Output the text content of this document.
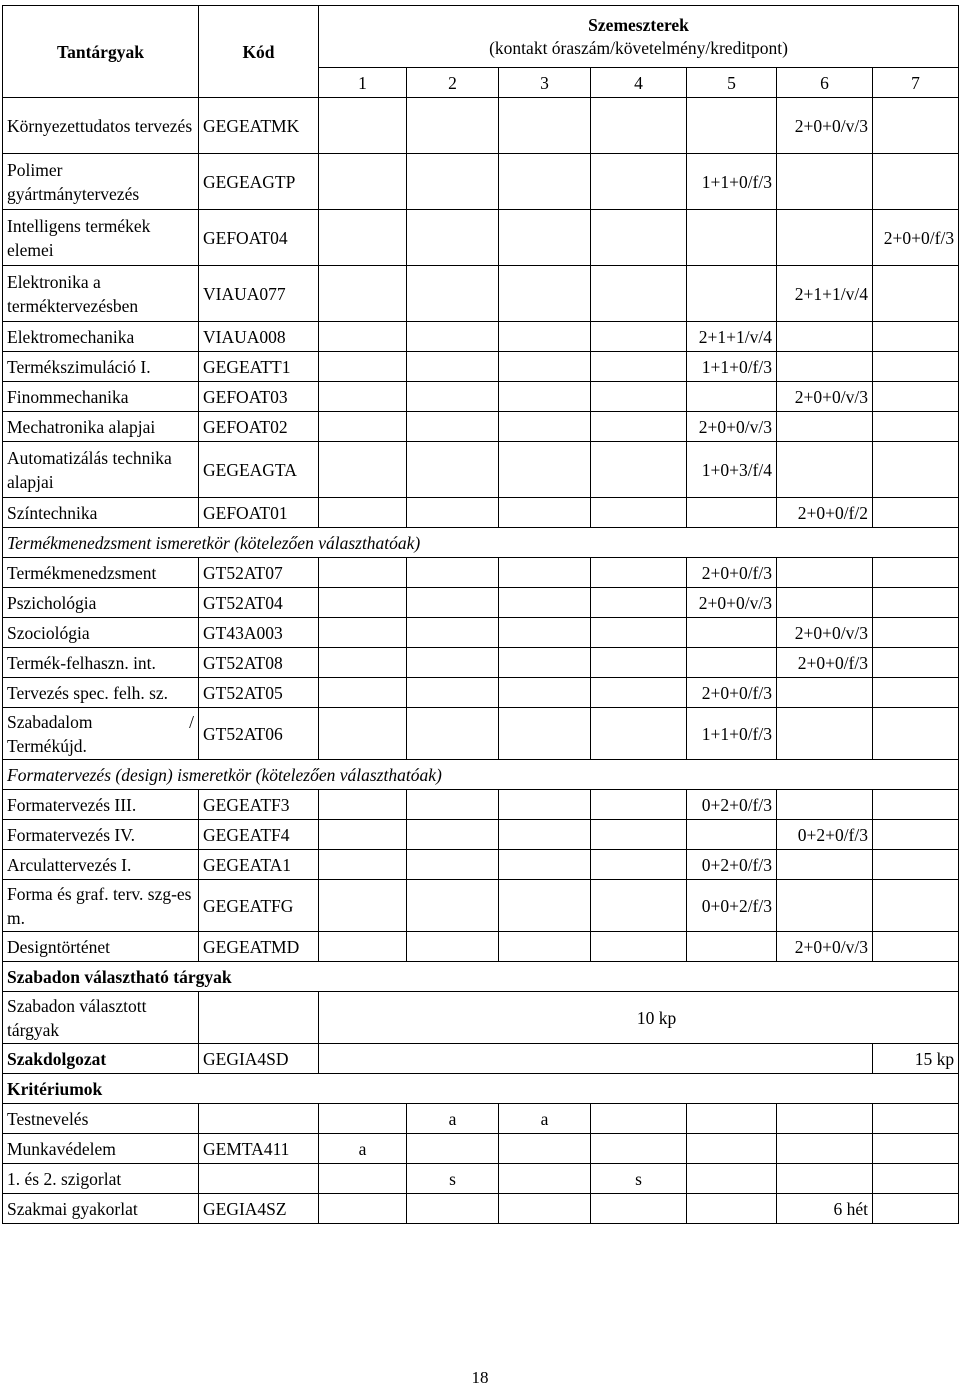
Tantárgyak	Kód	Szemeszterek
(kontakt óraszám/követelmény/kreditpont)						

		1	2	3	4	5	6	7
Környezettudatos tervezés	GEGEATMK						2+0+0/v/3	
Polimer gyártmánytervezés	GEGEAGTP					1+1+0/f/3		
Intelligens termékek elemei	GEFOAT04							2+0+0/f/3
Elektronika a terméktervezésben	VIAUA077						2+1+1/v/4	
Elektromechanika	VIAUA008					2+1+1/v/4		
Termékszimuláció I.	GEGEATT1					1+1+0/f/3		
Finommechanika	GEFOAT03						2+0+0/v/3	
Mechatronika alapjai	GEFOAT02					2+0+0/v/3		
Automatizálás technika alapjai	GEGEAGTA					1+0+3/f/4		
Színtechnika	GEFOAT01						2+0+0/f/2	
Termékmenedzsment ismeretkör (kötelezően választhatóak)								
Termékmenedzsment	GT52AT07					2+0+0/f/3		
Pszichológia	GT52AT04					2+0+0/v/3		
Szociológia	GT43A003						2+0+0/v/3	
Termék-felhaszn. int.	GT52AT08						2+0+0/f/3	
Tervezés spec. felh. sz.	GT52AT05					2+0+0/f/3		

Szabadalom /
Termékújd.	GT52AT06					1+1+0/f/3		
Formatervezés (design) ismeretkör (kötelezően választhatóak)								
Formatervezés III.	GEGEATF3					0+2+0/f/3		
Formatervezés IV.	GEGEATF4						0+2+0/f/3	
Arculattervezés I.	GEGEATA1					0+2+0/f/3		
Forma és graf. terv. szg-es m.	GEGEATFG					0+0+2/f/3		
Designtörténet	GEGEATMD						2+0+0/v/3	
Szabadon választható tárgyak								
Szabadon választott tárgyak		10 kp						
Szakdolgozat	GEGIA4SD							15 kp
Kritériumok								
Testnevelés			a	a				
Munkavédelem	GEMTA411	a						
1. és 2. szigorlat			s		s			
Szakmai gyakorlat	GEGIA4SZ						6 hét	
18
